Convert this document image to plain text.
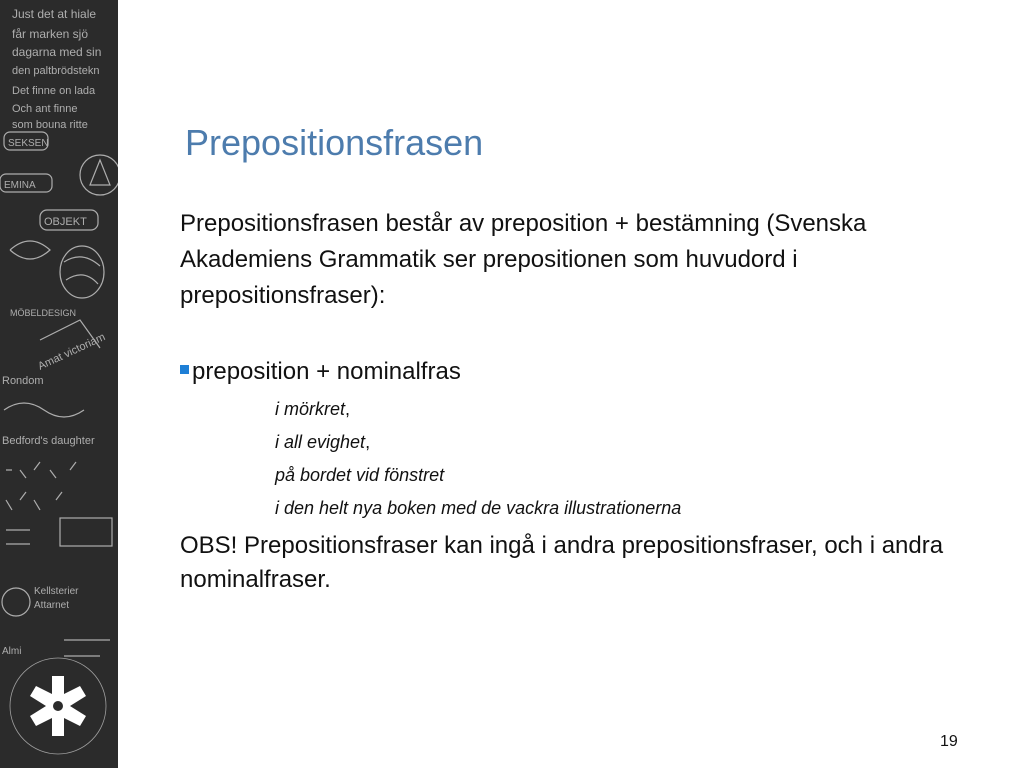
Just det at hiale
får marken sjö
dagarna med sin
den paltbrödstekn
Det finne on lada
Och ant finne
som bouna ritte
SEKSEN
EMINA
OBJEKT
MÖBELDESIGN
Rondom
Amat victoriam
Bedford's daughter
Kellsterier
Attarnet
Almi
Prepositionsfrasen
Prepositionsfrasen består av preposition + bestämning (Svenska Akademiens Grammatik ser prepositionen som huvudord i prepositionsfraser):
preposition + nominalfras
i mörkret,
i all evighet,
på bordet vid fönstret
i den helt nya boken med de vackra illustrationerna
OBS! Prepositionsfraser kan ingå i andra prepositionsfraser, och i andra nominalfraser.
19
